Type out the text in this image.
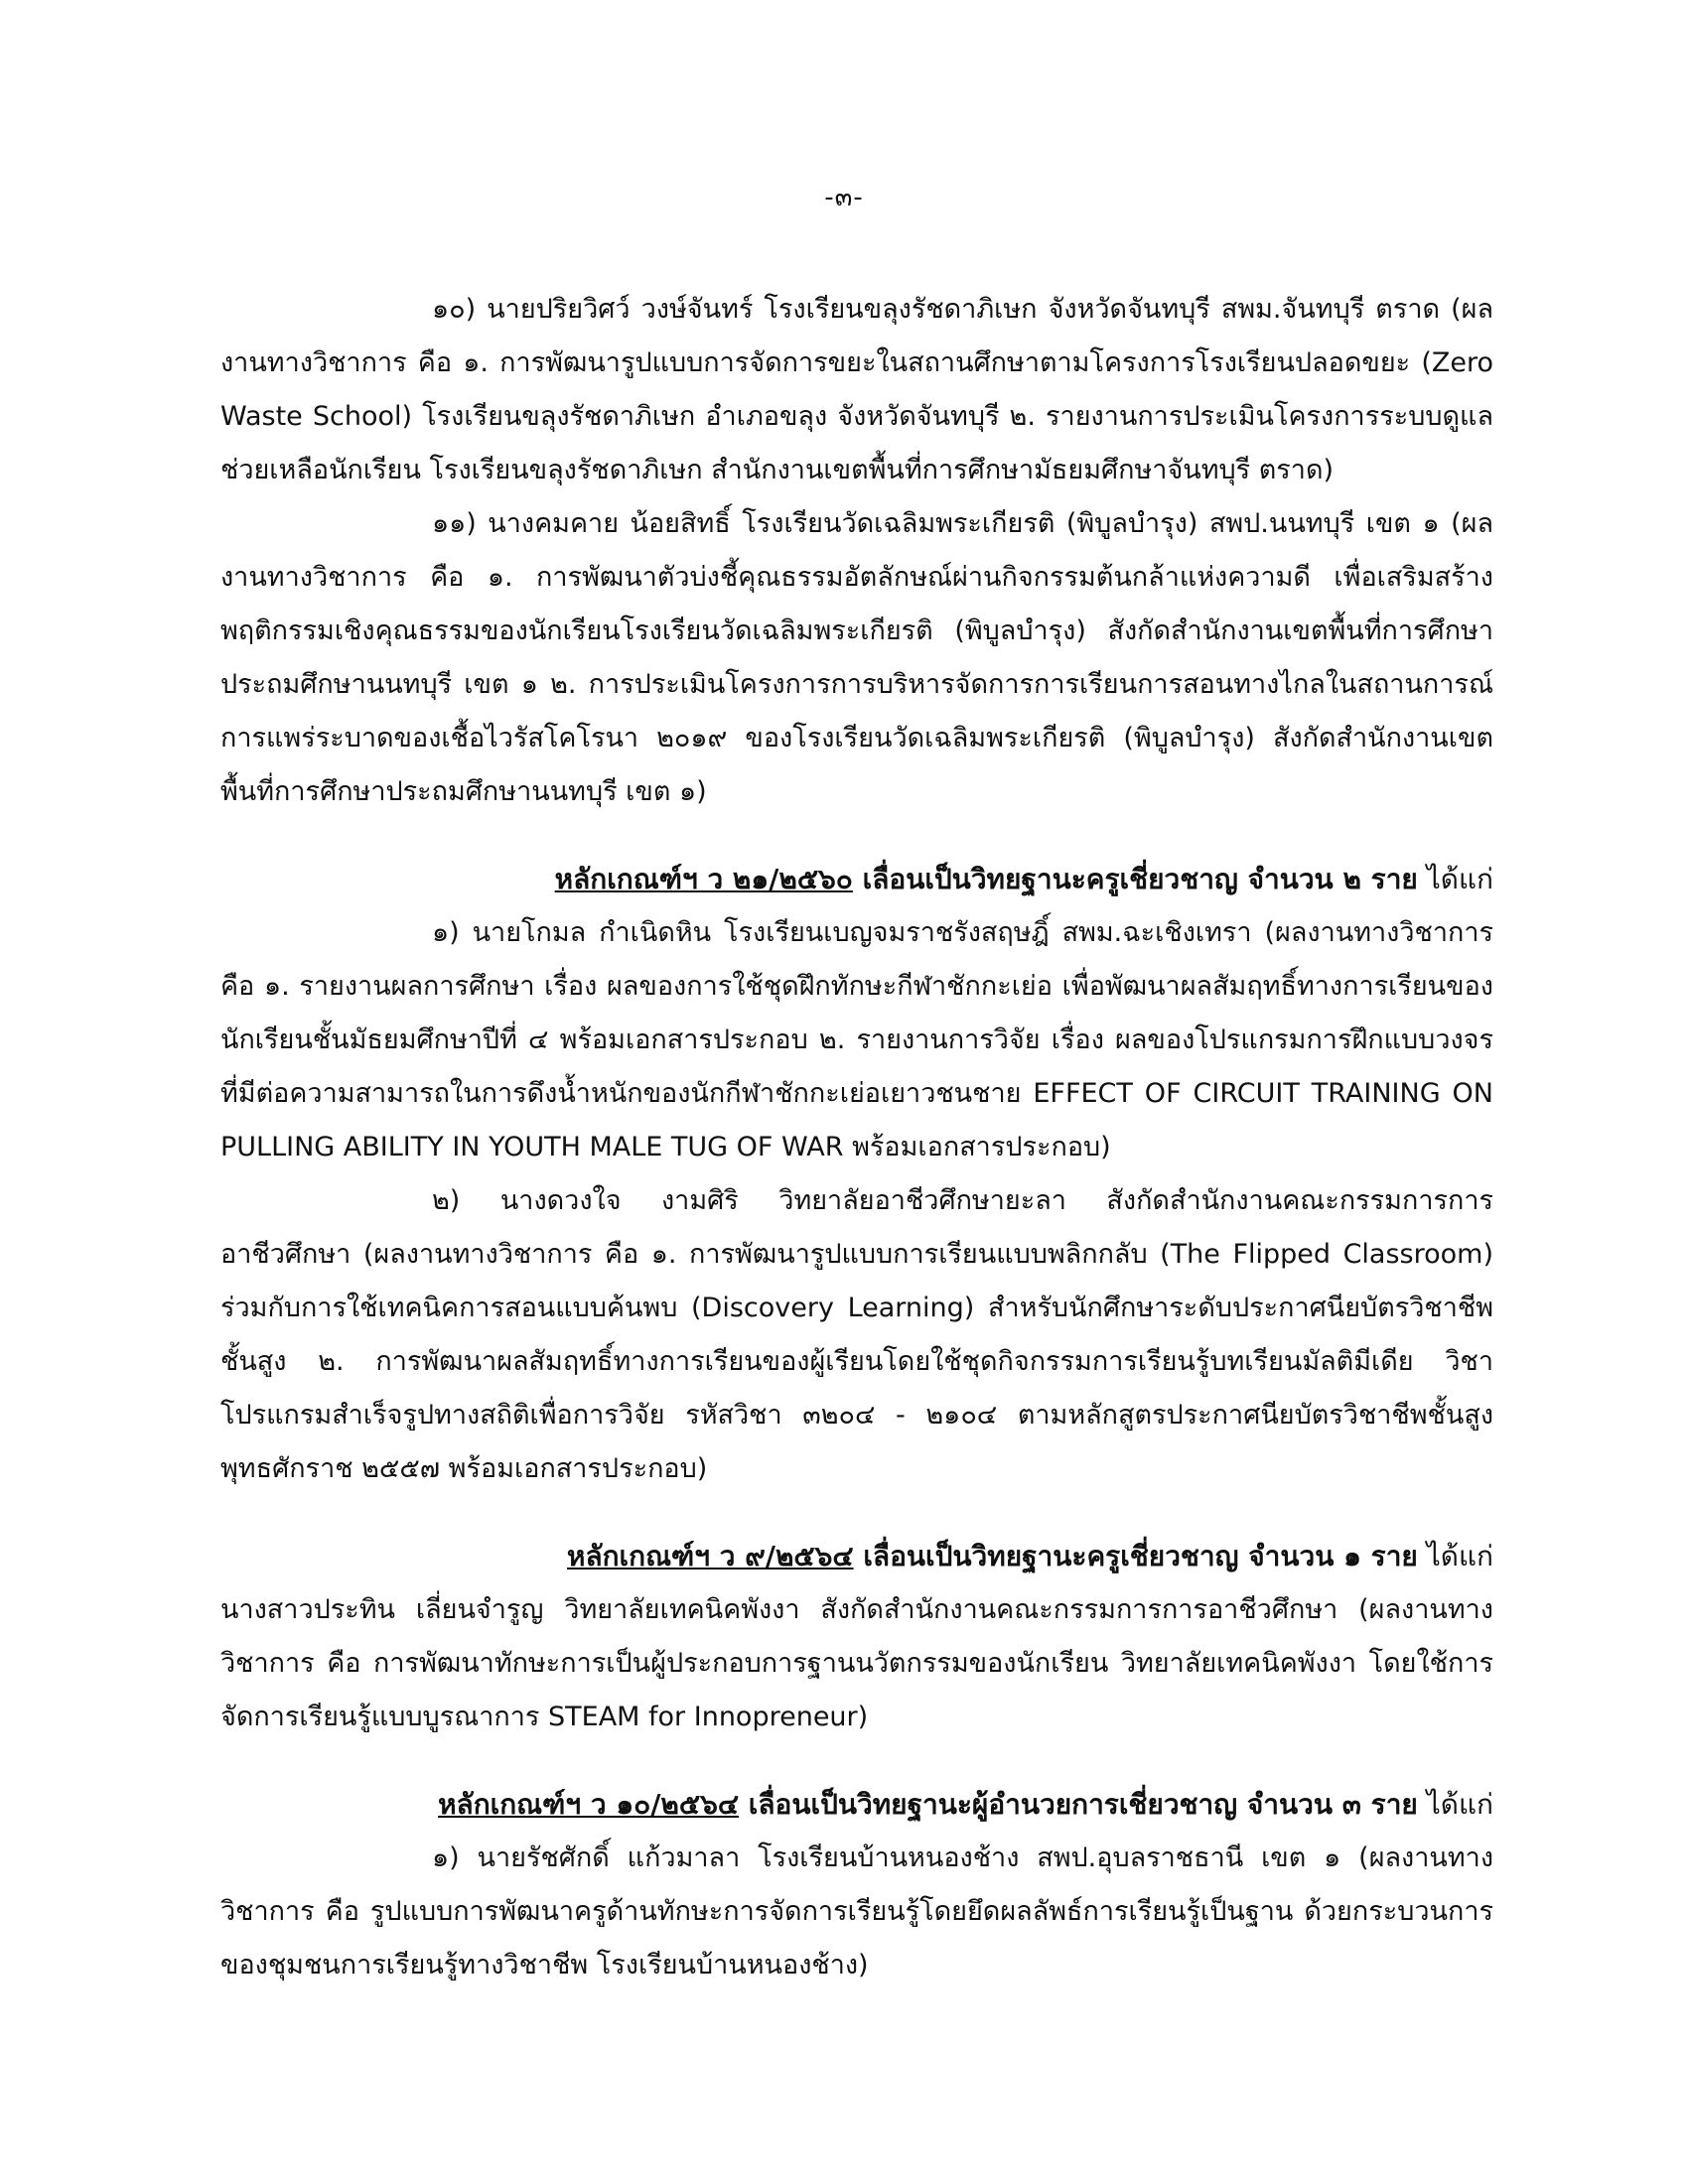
-๓-

๑๐) นายปริยวิศว์ วงษ์จันทร์ โรงเรียนขลุงรัชดาภิเษก จังหวัดจันทบุรี สพม.จันทบุรี ตราด (ผลงานทางวิชาการ คือ ๑. การพัฒนารูปแบบการจัดการขยะในสถานศึกษาตามโครงการโรงเรียนปลอดขยะ (Zero Waste School) โรงเรียนขลุงรัชดาภิเษก อำเภอขลุง จังหวัดจันทบุรี ๒. รายงานการประเมินโครงการระบบดูแลช่วยเหลือนักเรียน โรงเรียนขลุงรัชดาภิเษก สำนักงานเขตพื้นที่การศึกษามัธยมศึกษาจันทบุรี ตราด)

๑๑) นางคมคาย น้อยสิทธิ์ โรงเรียนวัดเฉลิมพระเกียรติ (พิบูลบำรุง) สพป.นนทบุรี เขต ๑ (ผลงานทางวิชาการ คือ ๑. การพัฒนาตัวบ่งชี้คุณธรรมอัตลักษณ์ผ่านกิจกรรมต้นกล้าแห่งความดี เพื่อเสริมสร้างพฤติกรรมเชิงคุณธรรมของนักเรียนโรงเรียนวัดเฉลิมพระเกียรติ (พิบูลบำรุง) สังกัดสำนักงานเขตพื้นที่การศึกษาประถมศึกษานนทบุรี เขต ๑ ๒. การประเมินโครงการการบริหารจัดการการเรียนการสอนทางไกลในสถานการณ์การแพร่ระบาดของเชื้อไวรัสโคโรนา ๒๐๑๙ ของโรงเรียนวัดเฉลิมพระเกียรติ (พิบูลบำรุง) สังกัดสำนักงานเขตพื้นที่การศึกษาประถมศึกษานนทบุรี เขต ๑)

หลักเกณฑ์ฯ ว ๒๑/๒๕๖๐ เลื่อนเป็นวิทยฐานะครูเชี่ยวชาญ จำนวน ๒ ราย ได้แก่

๑) นายโกมล กำเนิดหิน โรงเรียนเบญจมราชรังสฤษฎิ์ สพม.ฉะเชิงเทรา (ผลงานทางวิชาการ คือ ๑. รายงานผลการศึกษา เรื่อง ผลของการใช้ชุดฝึกทักษะกีฬาชักกะเย่อ เพื่อพัฒนาผลสัมฤทธิ์ทางการเรียนของนักเรียนชั้นมัธยมศึกษาปีที่ ๔ พร้อมเอกสารประกอบ ๒. รายงานการวิจัย เรื่อง ผลของโปรแกรมการฝึกแบบวงจรที่มีต่อความสามารถในการดึงน้ำหนักของนักกีฬาชักกะเย่อเยาวชนชาย EFFECT OF CIRCUIT TRAINING ON PULLING ABILITY IN YOUTH MALE TUG OF WAR พร้อมเอกสารประกอบ)

๒) นางดวงใจ งามศิริ วิทยาลัยอาชีวศึกษายะลา สังกัดสำนักงานคณะกรรมการการอาชีวศึกษา (ผลงานทางวิชาการ คือ ๑. การพัฒนารูปแบบการเรียนแบบพลิกกลับ (The Flipped Classroom) ร่วมกับการใช้เทคนิคการสอนแบบค้นพบ (Discovery Learning) สำหรับนักศึกษาระดับประกาศนียบัตรวิชาชีพชั้นสูง ๒. การพัฒนาผลสัมฤทธิ์ทางการเรียนของผู้เรียนโดยใช้ชุดกิจกรรมการเรียนรู้บทเรียนมัลติมีเดีย วิชาโปรแกรมสำเร็จรูปทางสถิติเพื่อการวิจัย รหัสวิชา ๓๒๐๔ - ๒๑๐๔ ตามหลักสูตรประกาศนียบัตรวิชาชีพชั้นสูง พุทธศักราช ๒๕๕๗ พร้อมเอกสารประกอบ)

หลักเกณฑ์ฯ ว ๙/๒๕๖๔ เลื่อนเป็นวิทยฐานะครูเชี่ยวชาญ จำนวน ๑ ราย ได้แก่

นางสาวประทิน เลี่ยนจำรูญ วิทยาลัยเทคนิคพังงา สังกัดสำนักงานคณะกรรมการการอาชีวศึกษา (ผลงานทางวิชาการ คือ การพัฒนาทักษะการเป็นผู้ประกอบการฐานนวัตกรรมของนักเรียน วิทยาลัยเทคนิคพังงา โดยใช้การจัดการเรียนรู้แบบบูรณาการ STEAM for Innopreneur)

หลักเกณฑ์ฯ ว ๑๐/๒๕๖๔ เลื่อนเป็นวิทยฐานะผู้อำนวยการเชี่ยวชาญ จำนวน ๓ ราย ได้แก่

๑) นายรัชศักดิ์ แก้วมาลา โรงเรียนบ้านหนองช้าง สพป.อุบลราชธานี เขต ๑ (ผลงานทางวิชาการ คือ รูปแบบการพัฒนาครูด้านทักษะการจัดการเรียนรู้โดยยึดผลลัพธ์การเรียนรู้เป็นฐาน ด้วยกระบวนการของชุมชนการเรียนรู้ทางวิชาชีพ โรงเรียนบ้านหนองช้าง)
